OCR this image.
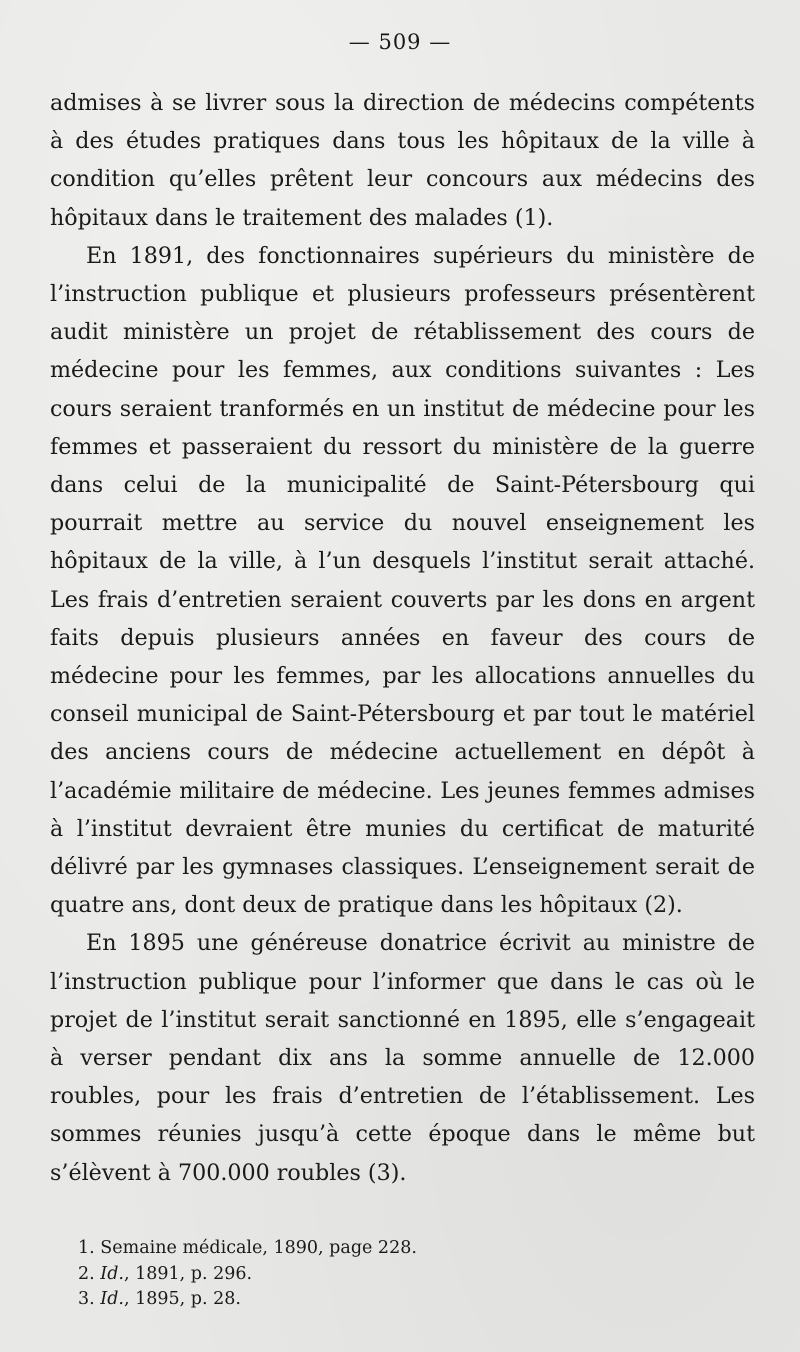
— 509 —

admises à se livrer sous la direction de médecins compétents à des études pratiques dans tous les hôpitaux de la ville à condition qu’elles prêtent leur concours aux médecins des hôpitaux dans le traitement des malades (1).

En 1891, des fonctionnaires supérieurs du ministère de l’instruction publique et plusieurs professeurs présentèrent audit ministère un projet de rétablissement des cours de médecine pour les femmes, aux conditions suivantes : Les cours seraient tranformés en un institut de médecine pour les femmes et passeraient du ressort du ministère de la guerre dans celui de la municipalité de Saint-Pétersbourg qui pourrait mettre au service du nouvel enseignement les hôpitaux de la ville, à l’un desquels l’institut serait attaché. Les frais d’entretien seraient couverts par les dons en argent faits depuis plusieurs années en faveur des cours de médecine pour les femmes, par les allocations annuelles du conseil municipal de Saint-Pétersbourg et par tout le matériel des anciens cours de médecine actuellement en dépôt à l’académie militaire de médecine. Les jeunes femmes admises à l’institut devraient être munies du certificat de maturité délivré par les gymnases classiques. L’enseignement serait de quatre ans, dont deux de pratique dans les hôpitaux (2).

En 1895 une généreuse donatrice écrivit au ministre de l’instruction publique pour l’informer que dans le cas où le projet de l’institut serait sanctionné en 1895, elle s’engageait à verser pendant dix ans la somme annuelle de 12.000 roubles, pour les frais d’entretien de l’établissement. Les sommes réunies jusqu’à cette époque dans le même but s’élèvent à 700.000 roubles (3).

1. Semaine médicale, 1890, page 228.

2. Id., 1891, p. 296.

3. Id., 1895, p. 28.
